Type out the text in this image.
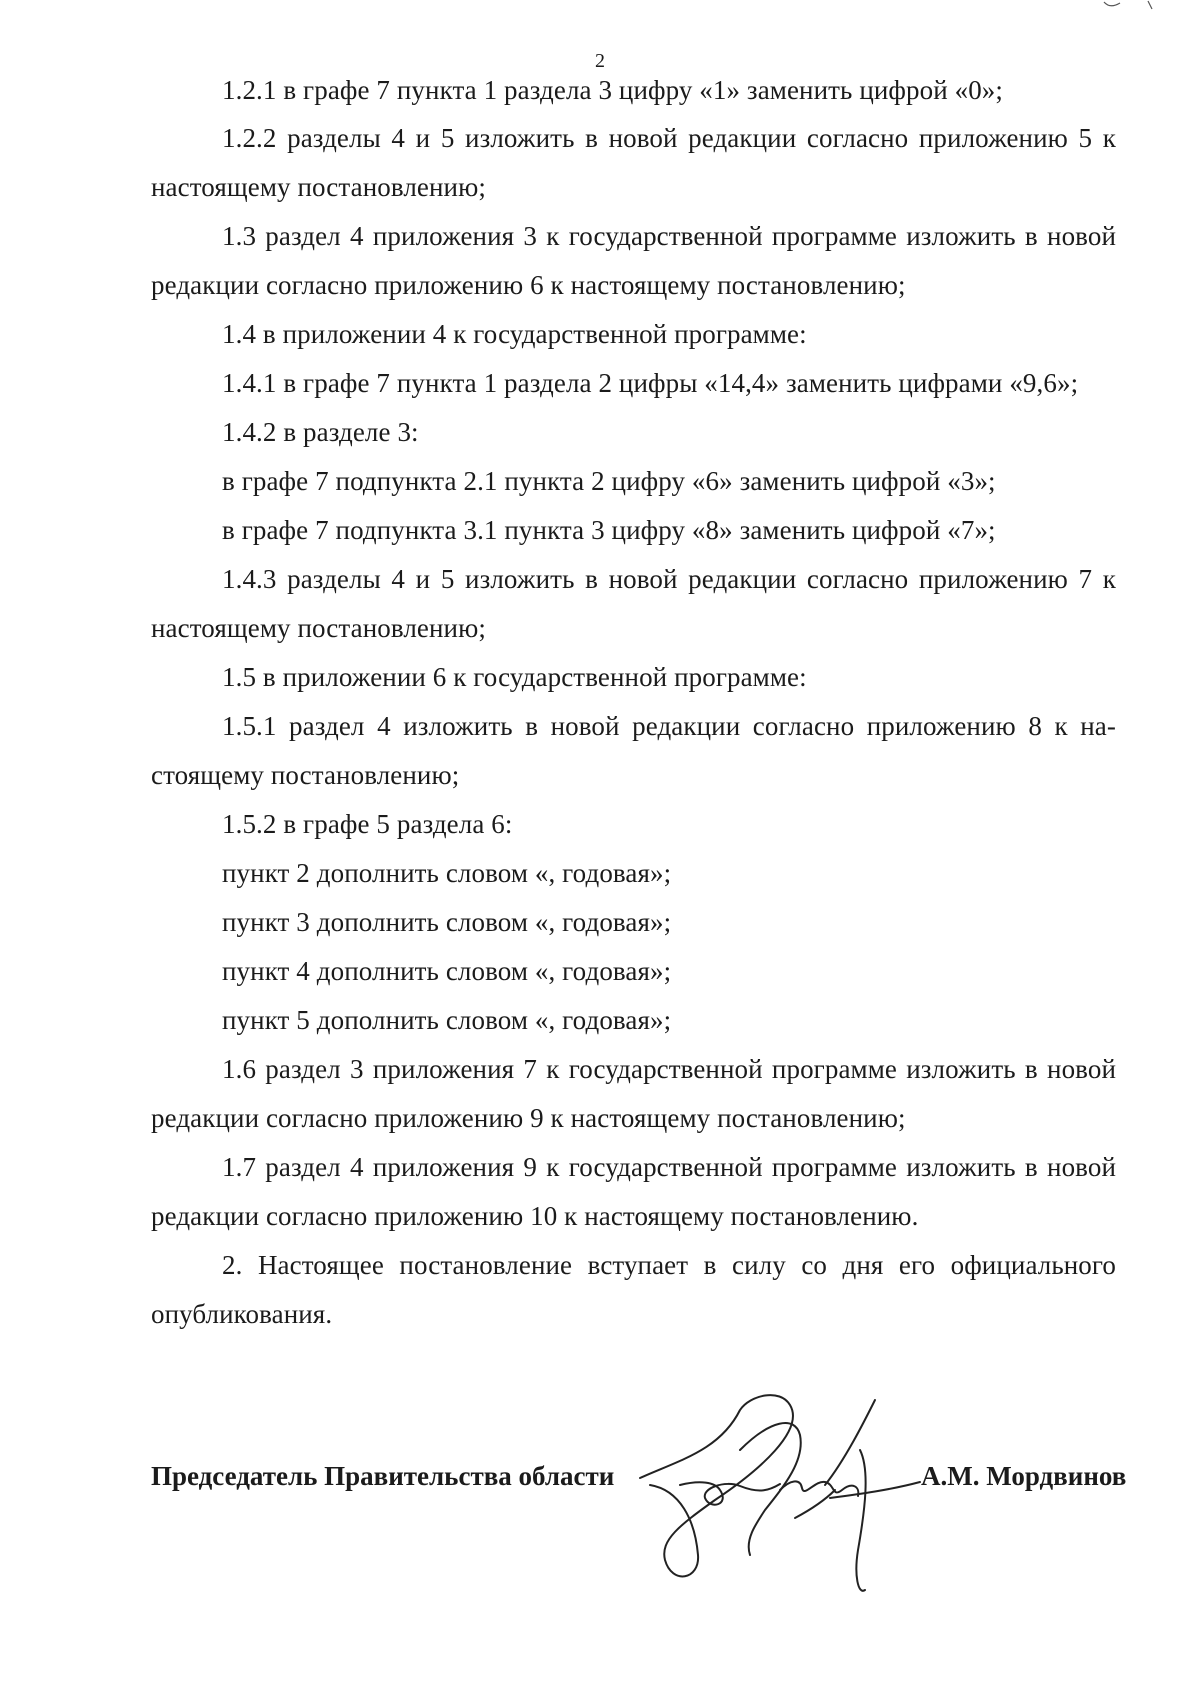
2
1.2.1 в графе 7 пункта 1 раздела 3 цифру «1» заменить цифрой «0»;
1.2.2 разделы 4 и 5 изложить в новой редакции согласно приложению 5 к
настоящему постановлению;
1.3 раздел 4 приложения 3 к государственной программе изложить в новой
редакции согласно приложению 6 к настоящему постановлению;
1.4 в приложении 4 к государственной программе:
1.4.1 в графе 7 пункта 1 раздела 2 цифры «14,4» заменить цифрами «9,6»;
1.4.2 в разделе 3:
в графе 7 подпункта 2.1 пункта 2 цифру «6» заменить цифрой «3»;
в графе 7 подпункта 3.1 пункта 3 цифру «8» заменить цифрой «7»;
1.4.3 разделы 4 и 5 изложить в новой редакции согласно приложению 7 к
настоящему постановлению;
1.5 в приложении 6 к государственной программе:
1.5.1 раздел 4 изложить в новой редакции согласно приложению 8 к на-
стоящему постановлению;
1.5.2 в графе 5 раздела 6:
пункт 2 дополнить словом «, годовая»;
пункт 3 дополнить словом «, годовая»;
пункт 4 дополнить словом «, годовая»;
пункт 5 дополнить словом «, годовая»;
1.6 раздел 3 приложения 7 к государственной программе изложить в новой
редакции согласно приложению 9 к настоящему постановлению;
1.7 раздел 4 приложения 9 к государственной программе изложить в новой
редакции согласно приложению 10 к настоящему постановлению.
2. Настоящее постановление вступает в силу со дня его официального
опубликования.
Председатель Правительства области	А.М. Мордвинов
